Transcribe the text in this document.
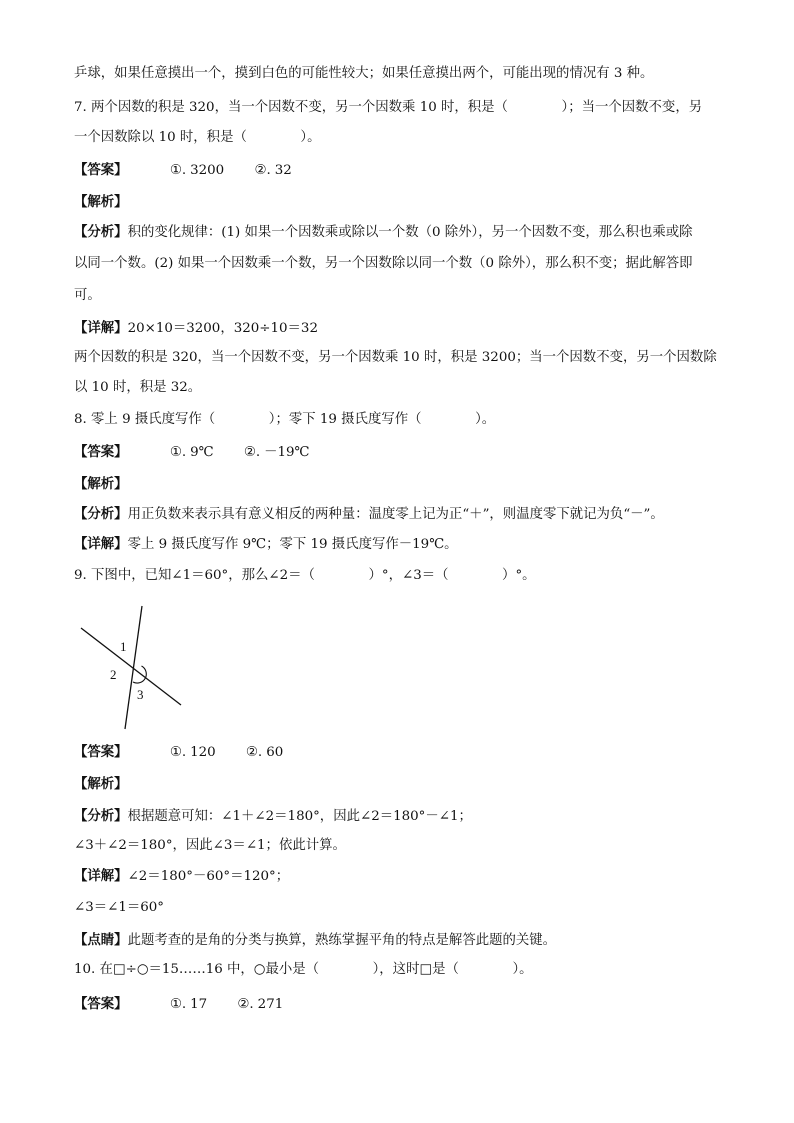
乒球，如果任意摸出一个，摸到白色的可能性较大；如果任意摸出两个，可能出现的情况有 3 种。
7. 两个因数的积是 320，当一个因数不变，另一个因数乘 10 时，积是（　　　　）；当一个因数不变，另
一个因数除以 10 时，积是（　　　　）。
【答案】	①. 3200 ②. 32
【解析】
【分析】积的变化规律：(1) 如果一个因数乘或除以一个数（0 除外），另一个因数不变，那么积也乘或除
以同一个数。(2) 如果一个因数乘一个数，另一个因数除以同一个数（0 除外），那么积不变；据此解答即
可。
【详解】20×10＝3200，320÷10＝32
两个因数的积是 320，当一个因数不变，另一个因数乘 10 时，积是 3200；当一个因数不变，另一个因数除
以 10 时，积是 32。
8. 零上 9 摄氏度写作（　　　　）；零下 19 摄氏度写作（　　　　）。
【答案】	①. 9℃ ②. －19℃
【解析】
【分析】用正负数来表示具有意义相反的两种量：温度零上记为正“＋”，则温度零下就记为负“－”。
【详解】零上 9 摄氏度写作 9℃；零下 19 摄氏度写作－19℃。
9. 下图中，已知∠1＝60°，那么∠2＝（　　　　）°，∠3＝（　　　　）°。
1
2
3
【答案】	①. 120 ②. 60
【解析】
【分析】根据题意可知：∠1＋∠2＝180°，因此∠2＝180°－∠1；
∠3＋∠2＝180°，因此∠3＝∠1；依此计算。
【详解】∠2＝180°－60°＝120°；
∠3＝∠1＝60°
【点睛】此题考查的是角的分类与换算，熟练掌握平角的特点是解答此题的关键。
10. 在□÷○＝15……16 中，○最小是（　　　　），这时□是（　　　　）。
【答案】	①. 17 ②. 271
